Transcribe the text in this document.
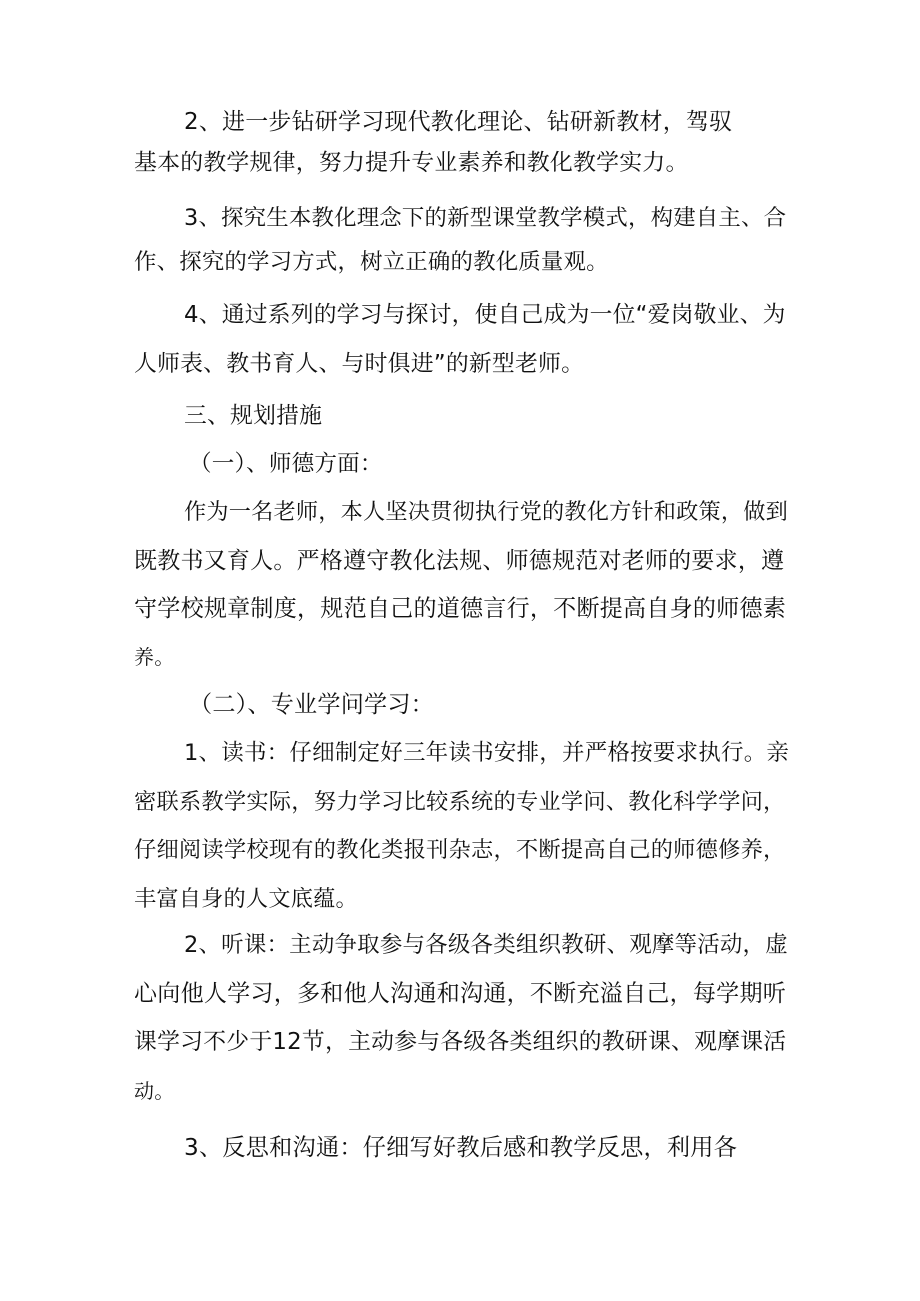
2、进一步钻研学习现代教化理论、钻研新教材，驾驭
基本的教学规律，努力提升专业素养和教化教学实力。
3、探究生本教化理念下的新型课堂教学模式，构建自主、合
作、探究的学习方式，树立正确的教化质量观。
4、通过系列的学习与探讨，使自己成为一位“爱岗敬业、为
人师表、教书育人、与时俱进”的新型老师。
三、规划措施
（一）、师德方面：
作为一名老师，本人坚决贯彻执行党的教化方针和政策，做到
既教书又育人。严格遵守教化法规、师德规范对老师的要求，遵
守学校规章制度，规范自己的道德言行，不断提高自身的师德素
养。
（二）、专业学问学习：
1、读书：仔细制定好三年读书安排，并严格按要求执行。亲
密联系教学实际，努力学习比较系统的专业学问、教化科学学问，
仔细阅读学校现有的教化类报刊杂志，不断提高自己的师德修养，
丰富自身的人文底蕴。
2、听课：主动争取参与各级各类组织教研、观摩等活动，虚
心向他人学习，多和他人沟通和沟通，不断充溢自己，每学期听
课学习不少于12节，主动参与各级各类组织的教研课、观摩课活
动。
3、反思和沟通：仔细写好教后感和教学反思，利用各
